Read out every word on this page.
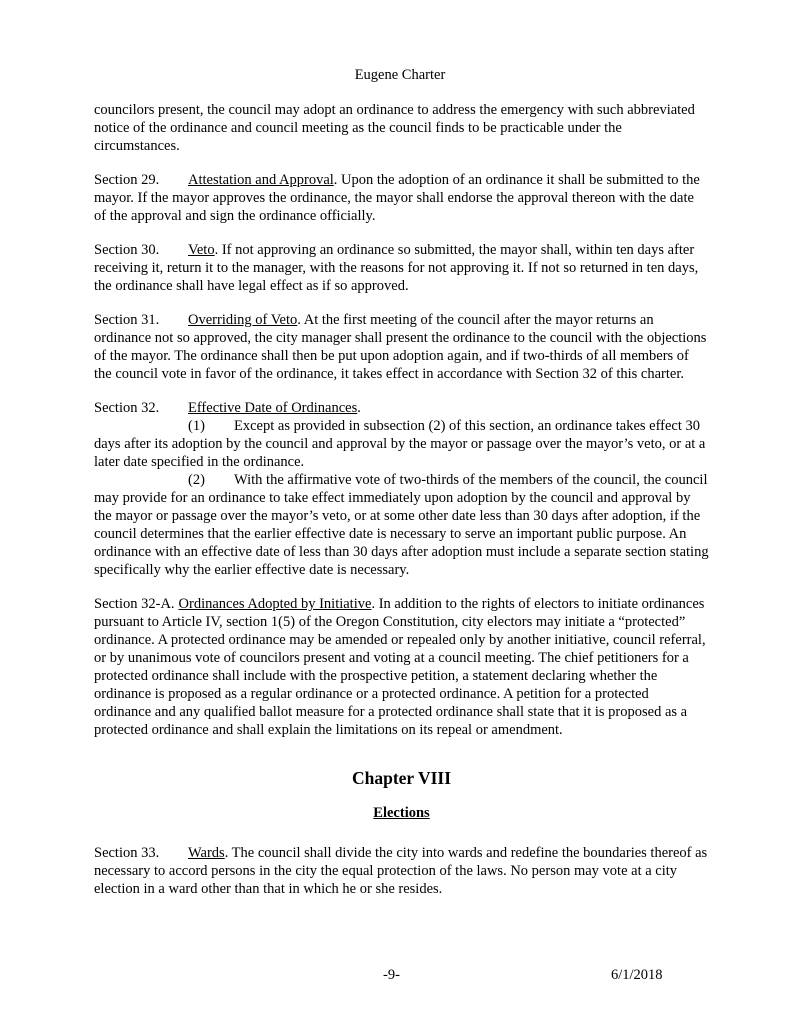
Eugene Charter

councilors present, the council may adopt an ordinance to address the emergency with such abbreviated notice of the ordinance and council meeting as the council finds to be practicable under the circumstances.

Section 29. Attestation and Approval. Upon the adoption of an ordinance it shall be submitted to the mayor. If the mayor approves the ordinance, the mayor shall endorse the approval thereon with the date of the approval and sign the ordinance officially.

Section 30. Veto. If not approving an ordinance so submitted, the mayor shall, within ten days after receiving it, return it to the manager, with the reasons for not approving it. If not so returned in ten days, the ordinance shall have legal effect as if so approved.

Section 31. Overriding of Veto. At the first meeting of the council after the mayor returns an ordinance not so approved, the city manager shall present the ordinance to the council with the objections of the mayor. The ordinance shall then be put upon adoption again, and if two-thirds of all members of the council vote in favor of the ordinance, it takes effect in accordance with Section 32 of this charter.

Section 32. Effective Date of Ordinances.

(1) Except as provided in subsection (2) of this section, an ordinance takes effect 30 days after its adoption by the council and approval by the mayor or passage over the mayor’s veto, or at a later date specified in the ordinance.

(2) With the affirmative vote of two-thirds of the members of the council, the council may provide for an ordinance to take effect immediately upon adoption by the council and approval by the mayor or passage over the mayor’s veto, or at some other date less than 30 days after adoption, if the council determines that the earlier effective date is necessary to serve an important public purpose. An ordinance with an effective date of less than 30 days after adoption must include a separate section stating specifically why the earlier effective date is necessary.

Section 32-A. Ordinances Adopted by Initiative. In addition to the rights of electors to initiate ordinances pursuant to Article IV, section 1(5) of the Oregon Constitution, city electors may initiate a “protected” ordinance. A protected ordinance may be amended or repealed only by another initiative, council referral, or by unanimous vote of councilors present and voting at a council meeting. The chief petitioners for a protected ordinance shall include with the prospective petition, a statement declaring whether the ordinance is proposed as a regular ordinance or a protected ordinance. A petition for a protected ordinance and any qualified ballot measure for a protected ordinance shall state that it is proposed as a protected ordinance and shall explain the limitations on its repeal or amendment.

Chapter VIII
Elections

Section 33. Wards. The council shall divide the city into wards and redefine the boundaries thereof as necessary to accord persons in the city the equal protection of the laws. No person may vote at a city election in a ward other than that in which he or she resides.

-9-	6/1/2018
